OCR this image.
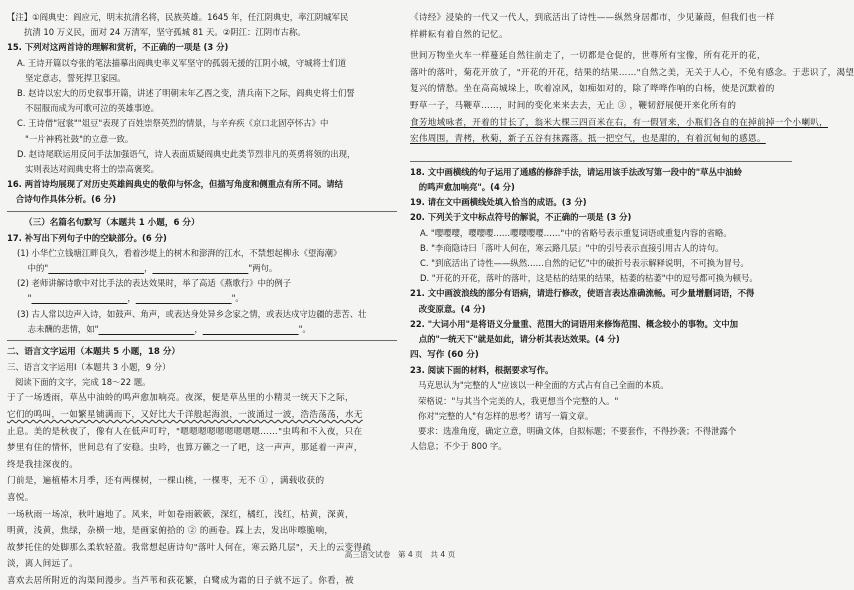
【注】①阎典史：阎应元，明末抗清名将，民族英雄。1645 年，任江阴典史，率江阴城军民
抗清 10 万义民，面对 24 万清军，坚守孤城 81 天。②阴江：江阴市古称。
15. 下列对这两首诗的理解和赏析，不正确的一项是 (3 分)
A. 王诗开篇以夸张的笔法描摹出阎典史率义军坚守的孤弱无援的江阴小城，守城将士们道
坚定意志，誓死捍卫家园。
B. 赵诗以宏大的历史叙事开篇，讲述了明朝末年乙酉之变，清兵南下之际，阎典史将士们誓
不屈服而成为可歌可泣的英雄事迹。
C. 王诗借"冠裳""俎豆"表现了百姓崇祭英烈的情景，与辛弃疾《京口北固亭怀古》中
"一片神鸦社鼓"的立意一致。
D. 赵诗尾联运用反问手法加强语气，诗人表面质疑阎典史此类节烈非凡的英勇将领的出现，
实则表达对阎典史将士的崇高褒奖。
16. 两首诗均展现了对历史英雄阎典史的敬仰与怀念，但描写角度和侧重点有所不同。请结
合诗句作具体分析。(6 分)
（三）名篇名句默写（本题共 1 小题，6 分）
17. 补写出下列句子中的空缺部分。(6 分)
(1) 小华伫立钱塘江畔良久，看着沙堤上的树木和澎湃的江水，不禁想起柳永《望海潮》
中的"	，	"两句。
(2) 老师讲解诗歌中对比手法的表达效果时，举了高适《燕歌行》中的例子
"	，	"。
(3) 古人常以边声入诗，如鼓声、角声，或表达身处异乡念家之情，或表达戍守边疆的悲苦、壮
志未酬的悲情，如"	，	"。
二、语言文字运用（本题共 5 小题，18 分）
三、语言文字运用Ⅰ（本题共 3 小题，9 分）
阅读下面的文字，完成 18～22 题。
于了一场透雨，草丛中油蛉的鸣声愈加响亮。夜深，便是草丛里的小精灵一统天下之际，
它们的鸣叫，一如繁星铺满而下，又好比大千洋般起海浪，一波涌过一波，浩浩荡荡，水无
止息。美的是秋夜了，像有人在低声叮咛，"嗯嗯嗯嗯嗯嗯嗯嗯嗯……"虫鸣和不入夜，只在
梦里有住的情怀，世间总有了安稳。虫吟，也算万籁之一了吧，这一声声，那延着一声声，
终是我挂深夜的。
门前是，遍植椿木月季，还有两棵树，一棵山桃，一棵枣，无不 ① ，满载收获的
喜悦。
一场秋雨一场凉，秋叶遍地了。风来，叶如卷雨簌簌，深红，橘红，浅红，枯黄，深黄，
明黄，浅黄，焦绿，杂横一地，是画家俯拾的 ② 的画卷。踩上去，发出咔嚓脆响，
故梦托住的处脚那么柔软轻盈。我常想起唐诗句"落叶人何在，寒云路几层"，天上的云变得疏
淡，离人间远了。
喜欢去居所附近的沟渠间漫步。当芦苇和荻花繁，白鹭成为霜的日子就不远了。你看，被
《诗经》浸染的一代又一代人，到底活出了诗性——纵然身居都市，少见蒹葭，但我们也一样
样耕耘有着自然的记忆。
世间万物坐火车一样蔓延自然往前走了，一切都是仓促的，世尊所有宝像，所有花开的花，
落叶的落叶，菊花开放了，"开花的开花，结果的结果……"自然之美，无关于人心，不免有感念。于悲识了，渴望
复兴的情愁。坐在高高城垛上，吹着凉风，如痴如对的，除了哗哗作响的白杨，使是沉默着的
野草一子，马鞭草……，时间的变化来来去去，无止 ③ ，鞭韧舒展便开来化所有的
食芳地域咏者，开着的甘长了，翁米大棵三四百米在右，有一假冒来，小瓶们各自的在掉前掉一个小喇叭，
宏伟周围，青栲，秋菊，新子五谷有抹露落。抵一把空气，也是甜的，有着沉甸甸的感恩。
18. 文中画横线的句子运用了通感的修辞手法，请运用该手法改写第一段中的"草丛中油蛉
的鸣声愈加响亮"。(4 分)
19. 请在文中画横线处填入恰当的成语。(3 分)
20. 下列关于文中标点符号的解说，不正确的一项是 (3 分)
A. "嘤嘤嘤，嘤嘤嘤……嘤嘤嘤嘤……"中的省略号表示重复词语或重复内容的省略。
B. "李商隐诗曰「落叶人何在，寒云路几层」"中的引号表示直接引用古人的诗句。
C. "到底活出了诗性——纵然……自然的记忆"中的破折号表示解释说明，不可换为冒号。
D. "开花的开花，落叶的落叶，这是枯的结果的结果，枯萎的枯萎"中的逗号都可换为顿号。
21. 文中画波浪线的部分有语病，请进行修改，使语言表达准确流畅。可少量增删词语，不得
改变原意。(4 分)
22. "大词小用"是将语义分量重、范围大的词语用来修饰范围、概念较小的事物。文中加
点的"一统天下"就是如此，请分析其表达效果。(4 分)
四、写作 (60 分)
23. 阅读下面的材料，根据要求写作。
马克思认为"完整的人"应该以一种全面的方式占有自己全面的本质。
荣格说："与其当个完美的人，我更想当个完整的人。"
你对"完整的人"有怎样的思考？请写一篇文章。
要求：选准角度，确定立意，明确文体，自拟标题；不要套作，不得抄袭；不得泄露个
人信息；不少于 800 字。
高三语文试卷　第 4 页　共 4 页
